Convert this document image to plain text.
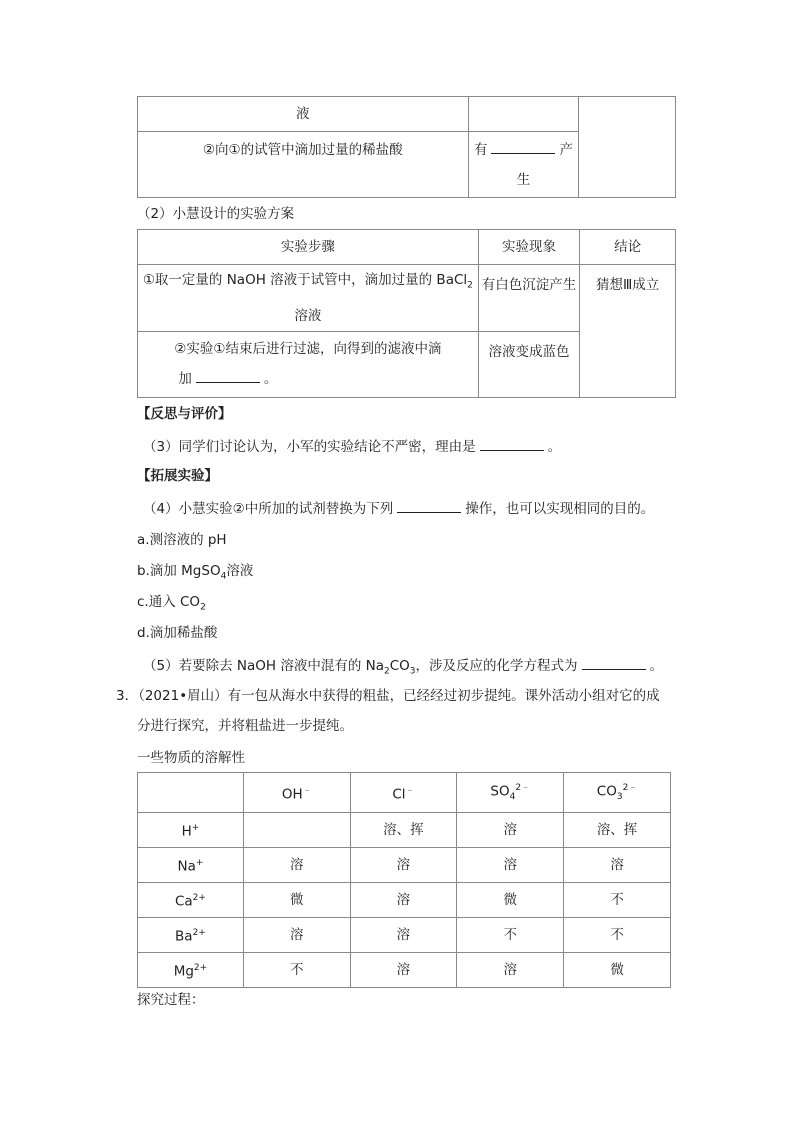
液		
②向①的试管中滴加过量的稀盐酸	有 产
生	
（2）小慧设计的实验方案
实验步骤	实验现象	结论
①取一定量的 NaOH 溶液于试管中，滴加过量的 BaCl$_2$
溶液	有白色沉淀产生	猜想Ⅲ成立
②实验①结束后进行过滤，向得到的滤液中滴
加 。	溶液变成蓝色	
【反思与评价】
（3）同学们讨论认为，小军的实验结论不严密，理由是	。
【拓展实验】
（4）小慧实验②中所加的试剂替换为下列	操作，也可以实现相同的目的。
a.测溶液的 pH
b.滴加 MgSO$_4$溶液
c.通入 $CO_2$
d.滴加稀盐酸
（5）若要除去 NaOH 溶液中混有的 $Na_2CO_3$，涉及反应的化学方程式为	。
3．（2021•眉山）有一包从海水中获得的粗盐，已经经过初步提纯。课外活动小组对它的成
分进行探究，并将粗盐进一步提纯。
一些物质的溶解性
	OH﹣	Cl﹣	$SO_4^{2﹣}$	$CO_3^{2﹣}$
H+		溶、挥	溶	溶、挥
Na+	溶	溶	溶	溶
$Ca^{2+}$	微	溶	微	不
$Ba^{2+}$	溶	溶	不	不
$Mg^{2+}$	不	溶	溶	微
探究过程：
